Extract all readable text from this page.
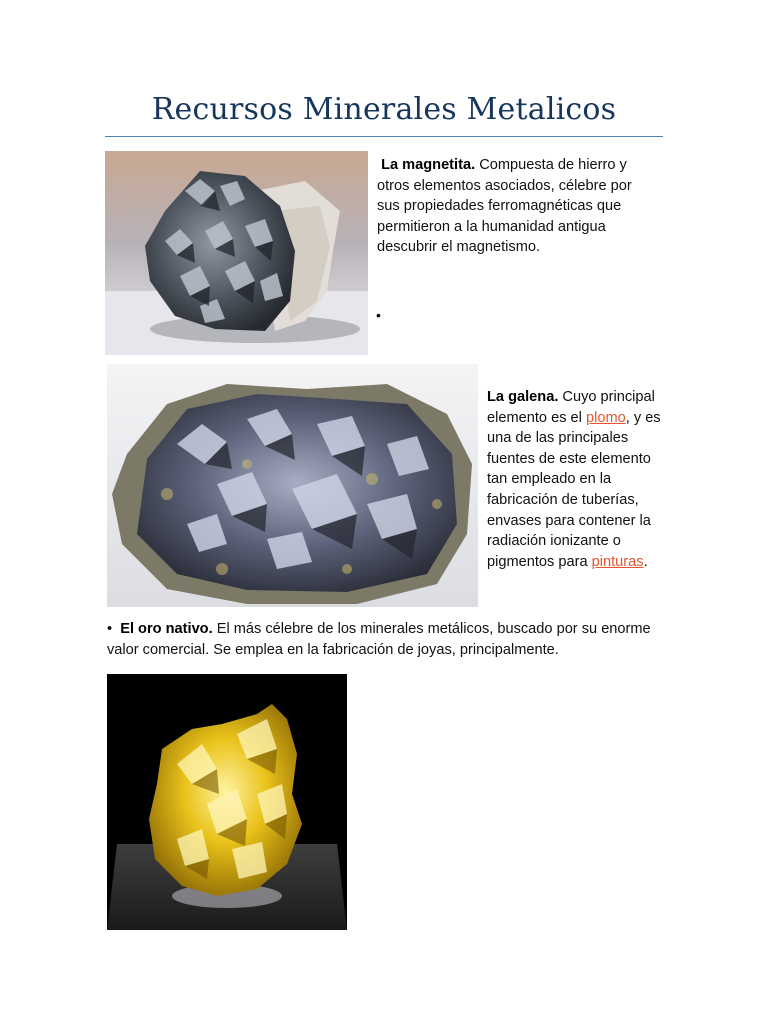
Recursos Minerales Metalicos
La magnetita. Compuesta de hierro y otros elementos asociados, célebre por sus propiedades ferromagnéticas que permitieron a la humanidad antigua descubrir el magnetismo.
•
La galena. Cuyo principal elemento es el plomo, y es una de las principales fuentes de este elemento tan empleado en la fabricación de tuberías, envases para contener la radiación ionizante o pigmentos para pinturas.
• El oro nativo. El más célebre de los minerales metálicos, buscado por su enorme valor comercial. Se emplea en la fabricación de joyas, principalmente.
